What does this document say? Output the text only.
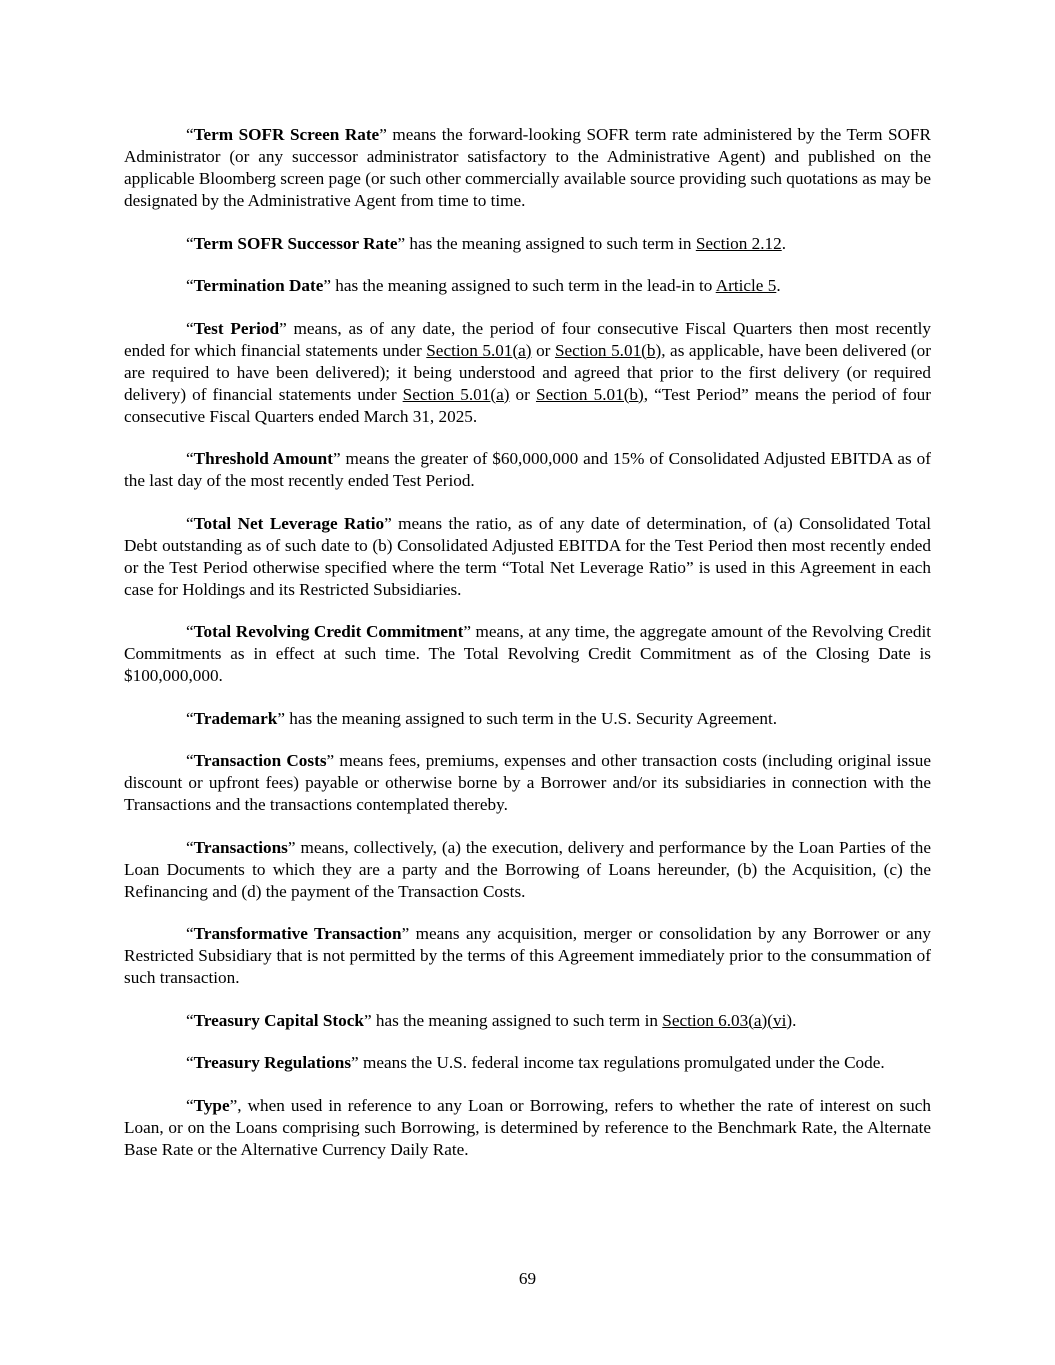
“Term SOFR Screen Rate” means the forward-looking SOFR term rate administered by the Term SOFR Administrator (or any successor administrator satisfactory to the Administrative Agent) and published on the applicable Bloomberg screen page (or such other commercially available source providing such quotations as may be designated by the Administrative Agent from time to time.

“Term SOFR Successor Rate” has the meaning assigned to such term in Section 2.12.

“Termination Date” has the meaning assigned to such term in the lead-in to Article 5.

“Test Period” means, as of any date, the period of four consecutive Fiscal Quarters then most recently ended for which financial statements under Section 5.01(a) or Section 5.01(b), as applicable, have been delivered (or are required to have been delivered); it being understood and agreed that prior to the first delivery (or required delivery) of financial statements under Section 5.01(a) or Section 5.01(b), “Test Period” means the period of four consecutive Fiscal Quarters ended March 31, 2025.

“Threshold Amount” means the greater of $60,000,000 and 15% of Consolidated Adjusted EBITDA as of the last day of the most recently ended Test Period.

“Total Net Leverage Ratio” means the ratio, as of any date of determination, of (a) Consolidated Total Debt outstanding as of such date to (b) Consolidated Adjusted EBITDA for the Test Period then most recently ended or the Test Period otherwise specified where the term “Total Net Leverage Ratio” is used in this Agreement in each case for Holdings and its Restricted Subsidiaries.

“Total Revolving Credit Commitment” means, at any time, the aggregate amount of the Revolving Credit Commitments as in effect at such time. The Total Revolving Credit Commitment as of the Closing Date is $100,000,000.

“Trademark” has the meaning assigned to such term in the U.S. Security Agreement.

“Transaction Costs” means fees, premiums, expenses and other transaction costs (including original issue discount or upfront fees) payable or otherwise borne by a Borrower and/or its subsidiaries in connection with the Transactions and the transactions contemplated thereby.

“Transactions” means, collectively, (a) the execution, delivery and performance by the Loan Parties of the Loan Documents to which they are a party and the Borrowing of Loans hereunder, (b) the Acquisition, (c) the Refinancing and (d) the payment of the Transaction Costs.

“Transformative Transaction” means any acquisition, merger or consolidation by any Borrower or any Restricted Subsidiary that is not permitted by the terms of this Agreement immediately prior to the consummation of such transaction.

“Treasury Capital Stock” has the meaning assigned to such term in Section 6.03(a)(vi).

“Treasury Regulations” means the U.S. federal income tax regulations promulgated under the Code.

“Type”, when used in reference to any Loan or Borrowing, refers to whether the rate of interest on such Loan, or on the Loans comprising such Borrowing, is determined by reference to the Benchmark Rate, the Alternate Base Rate or the Alternative Currency Daily Rate.

69
